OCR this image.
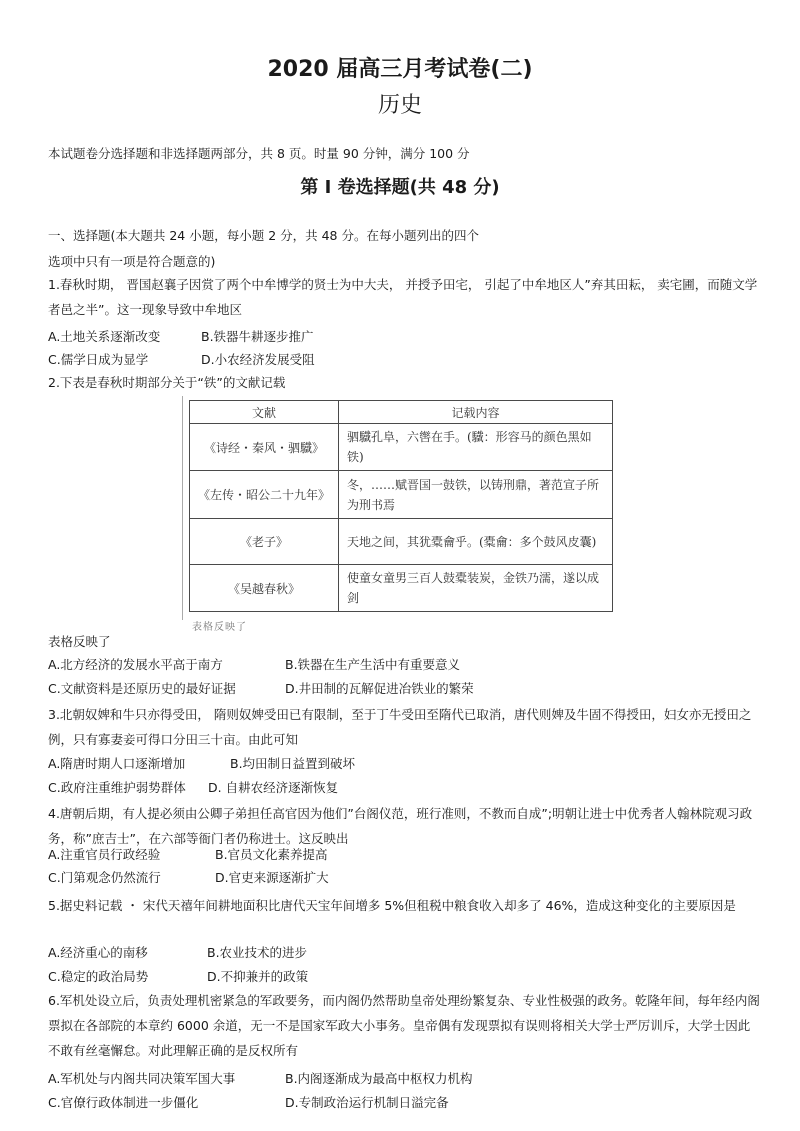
2020 届高三月考试卷(二)
历史
本试题卷分选择题和非选择题两部分，共 8 页。时量 90 分钟，满分 100 分
第 I 卷选择题(共 48 分)
一、选择题(本大题共 24 小题，每小题 2 分，共 48 分。在每小题列出的四个
选项中只有一项是符合题意的)
1.春秋时期， 晋国赵襄子因赏了两个中牟博学的贤士为中大夫， 并授予田宅， 引起了中牟地区人”弃其田耘， 卖宅圃，而随文学者邑之半”。这一现象导致中牟地区
A.土地关系逐渐改变	B.铁器牛耕逐步推广
C.儒学日成为显学	D.小农经济发展受阻
2.下表是春秋时期部分关于“铁”的文献记载
文献	记载内容
《诗经・秦风・驷驖》	驷驖孔阜，六辔在手。(驖：形容马的颜色黑如铁)
《左传・昭公二十九年》	冬，……赋晋国一鼓铁，以铸刑鼎，著范宣子所为刑书焉
《老子》	天地之间，其犹橐龠乎。(橐龠：多个鼓风皮囊)
《吴越春秋》	使童女童男三百人鼓橐装炭，金铁乃濡，遂以成剑
表格反映了
表格反映了
A.北方经济的发展水平高于南方	B.铁器在生产生活中有重要意义
C.文献资料是还原历史的最好证据	D.井田制的瓦解促进冶铁业的繁荣
3.北朝奴婢和牛只亦得受田， 隋则奴婢受田已有限制，至于丁牛受田至隋代已取消，唐代则婢及牛固不得授田，妇女亦无授田之例，只有寡妻妾可得口分田三十亩。由此可知
A.隋唐时期人口逐渐增加	B.均田制日益置到破坏
C.政府注重维护弱势群体 D. 自耕农经济逐渐恢复
4.唐朝后期，有人提必须由公卿子弟担任高官因为他们”台阁仪范，班行准则，不教而自成”;明朝让进士中优秀者人翰林院观习政务，称”庶吉士”，在六部等衙门者仍称进士。这反映出
A.注重官员行政经验	B.官员文化素养提高
C.门第观念仍然流行	D.官吏来源逐渐扩大
5.据史料记载 ・ 宋代天禧年间耕地面积比唐代天宝年间增多 5%但租税中粮食收入却多了 46%，造成这种变化的主要原因是
A.经济重心的南移	B.农业技术的进步
C.稳定的政治局势	D.不抑兼并的政策
6.军机处设立后，负责处理机密紧急的军政要务，而内阁仍然帮助皇帝处理纷繁复杂、专业性极强的政务。乾隆年间，每年经内阁票拟在各部院的本章约 6000 余道，无一不是国家军政大小事务。皇帝偶有发现票拟有误则将相关大学士严厉训斥，大学士因此不敢有丝毫懈怠。对此理解正确的是反权所有
A.军机处与内阁共同决策军国大事	B.内阁逐渐成为最高中枢权力机构
C.官僚行政体制进一步僵化	D.专制政治运行机制日溢完备
